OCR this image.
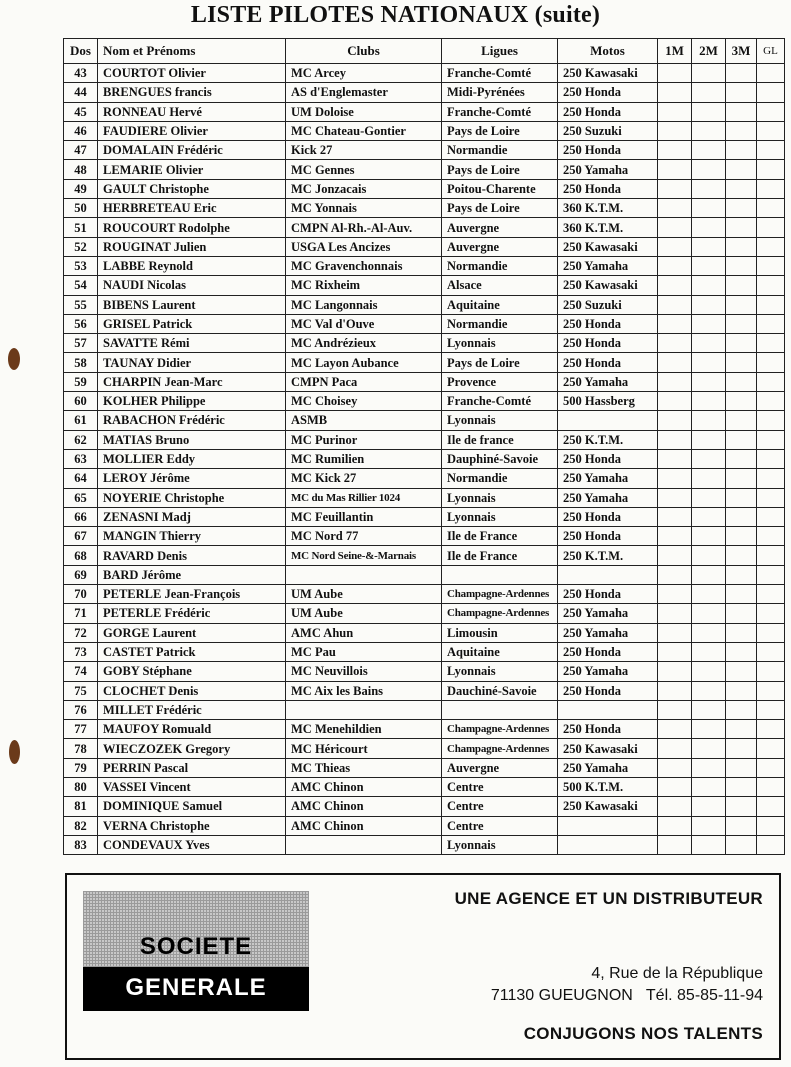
LISTE PILOTES NATIONAUX (suite)
Dos	Nom et Prénoms	Clubs	Ligues	Motos	1M	2M	3M	GL
43	COURTOT Olivier	MC Arcey	Franche-Comté	250 Kawasaki				
44	BRENGUES francis	AS d'Englemaster	Midi-Pyrénées	250 Honda				
45	RONNEAU Hervé	UM Doloise	Franche-Comté	250 Honda				
46	FAUDIERE Olivier	MC Chateau-Gontier	Pays de Loire	250 Suzuki				
47	DOMALAIN Frédéric	Kick 27	Normandie	250 Honda				
48	LEMARIE Olivier	MC Gennes	Pays de Loire	250 Yamaha				
49	GAULT Christophe	MC Jonzacais	Poitou-Charente	250 Honda				
50	HERBRETEAU Eric	MC Yonnais	Pays de Loire	360 K.T.M.				
51	ROUCOURT Rodolphe	CMPN Al-Rh.-Al-Auv.	Auvergne	360 K.T.M.				
52	ROUGINAT Julien	USGA Les Ancizes	Auvergne	250 Kawasaki				
53	LABBE Reynold	MC Gravenchonnais	Normandie	250 Yamaha				
54	NAUDI Nicolas	MC Rixheim	Alsace	250 Kawasaki				
55	BIBENS Laurent	MC Langonnais	Aquitaine	250 Suzuki				
56	GRISEL Patrick	MC Val d'Ouve	Normandie	250 Honda				
57	SAVATTE Rémi	MC Andrézieux	Lyonnais	250 Honda				
58	TAUNAY Didier	MC Layon Aubance	Pays de Loire	250 Honda				
59	CHARPIN Jean-Marc	CMPN Paca	Provence	250 Yamaha				
60	KOLHER Philippe	MC Choisey	Franche-Comté	500 Hassberg				
61	RABACHON Frédéric	ASMB	Lyonnais					
62	MATIAS Bruno	MC Purinor	Ile de france	250 K.T.M.				
63	MOLLIER Eddy	MC Rumilien	Dauphiné-Savoie	250 Honda				
64	LEROY Jérôme	MC Kick 27	Normandie	250 Yamaha				
65	NOYERIE Christophe	MC du Mas Rillier 1024	Lyonnais	250 Yamaha				
66	ZENASNI Madj	MC Feuillantin	Lyonnais	250 Honda				
67	MANGIN Thierry	MC Nord 77	Ile de France	250 Honda				
68	RAVARD Denis	MC Nord Seine-&-Marnais	Ile de France	250 K.T.M.				
69	BARD Jérôme							
70	PETERLE Jean-François	UM Aube	Champagne-Ardennes	250 Honda				
71	PETERLE Frédéric	UM Aube	Champagne-Ardennes	250 Yamaha				
72	GORGE Laurent	AMC Ahun	Limousin	250 Yamaha				
73	CASTET Patrick	MC Pau	Aquitaine	250 Honda				
74	GOBY Stéphane	MC Neuvillois	Lyonnais	250 Yamaha				
75	CLOCHET Denis	MC Aix les Bains	Dauchiné-Savoie	250 Honda				
76	MILLET Frédéric							
77	MAUFOY Romuald	MC Menehildien	Champagne-Ardennes	250 Honda				
78	WIECZOZEK Gregory	MC Héricourt	Champagne-Ardennes	250 Kawasaki				
79	PERRIN Pascal	MC Thieas	Auvergne	250 Yamaha				
80	VASSEI Vincent	AMC Chinon	Centre	500 K.T.M.				
81	DOMINIQUE Samuel	AMC Chinon	Centre	250 Kawasaki				
82	VERNA Christophe	AMC Chinon	Centre					
83	CONDEVAUX Yves		Lyonnais					
SOCIETE
GENERALE
UNE AGENCE ET UN DISTRIBUTEUR
4, Rue de la République
71130 GUEUGNON   Tél. 85-85-11-94
CONJUGONS NOS TALENTS
